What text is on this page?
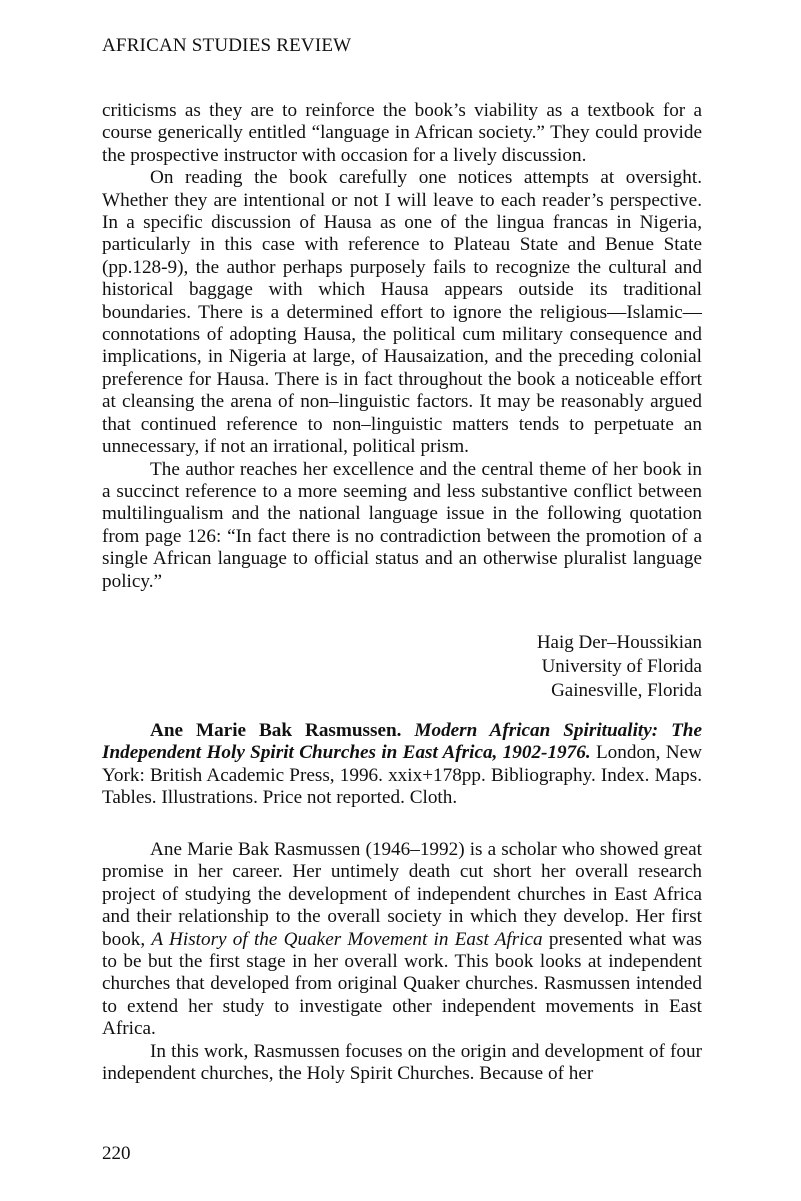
AFRICAN STUDIES REVIEW

criticisms as they are to reinforce the book’s viability as a textbook for a course generically entitled “language in African society.” They could provide the prospective instructor with occasion for a lively discussion.

On reading the book carefully one notices attempts at oversight. Whether they are intentional or not I will leave to each reader’s perspective. In a specific discussion of Hausa as one of the lingua francas in Nigeria, particularly in this case with reference to Plateau State and Benue State (pp.128-9), the author perhaps purposely fails to recognize the cultural and historical baggage with which Hausa appears outside its traditional boundaries. There is a determined effort to ignore the religious—Islamic—connotations of adopting Hausa, the political cum military consequence and implications, in Nigeria at large, of Hausaization, and the preceding colonial preference for Hausa. There is in fact throughout the book a noticeable effort at cleansing the arena of non–linguistic factors. It may be reasonably argued that continued reference to non–linguistic matters tends to perpetuate an unnecessary, if not an irrational, political prism.

The author reaches her excellence and the central theme of her book in a succinct reference to a more seeming and less substantive conflict between multilingualism and the national language issue in the following quotation from page 126: “In fact there is no contradiction between the promotion of a single African language to official status and an otherwise pluralist language policy.”

Haig Der–Houssikian
University of Florida
Gainesville, Florida

Ane Marie Bak Rasmussen. Modern African Spirituality: The Independent Holy Spirit Churches in East Africa, 1902-1976. London, New York: British Academic Press, 1996. xxix+178pp. Bibliography. Index. Maps. Tables. Illustrations. Price not reported. Cloth.

Ane Marie Bak Rasmussen (1946–1992) is a scholar who showed great promise in her career. Her untimely death cut short her overall research project of studying the development of independent churches in East Africa and their relationship to the overall society in which they develop. Her first book, A History of the Quaker Movement in East Africa presented what was to be but the first stage in her overall work. This book looks at independent churches that developed from original Quaker churches. Rasmussen intended to extend her study to investigate other independent movements in East Africa.

In this work, Rasmussen focuses on the origin and development of four independent churches, the Holy Spirit Churches. Because of her

220
